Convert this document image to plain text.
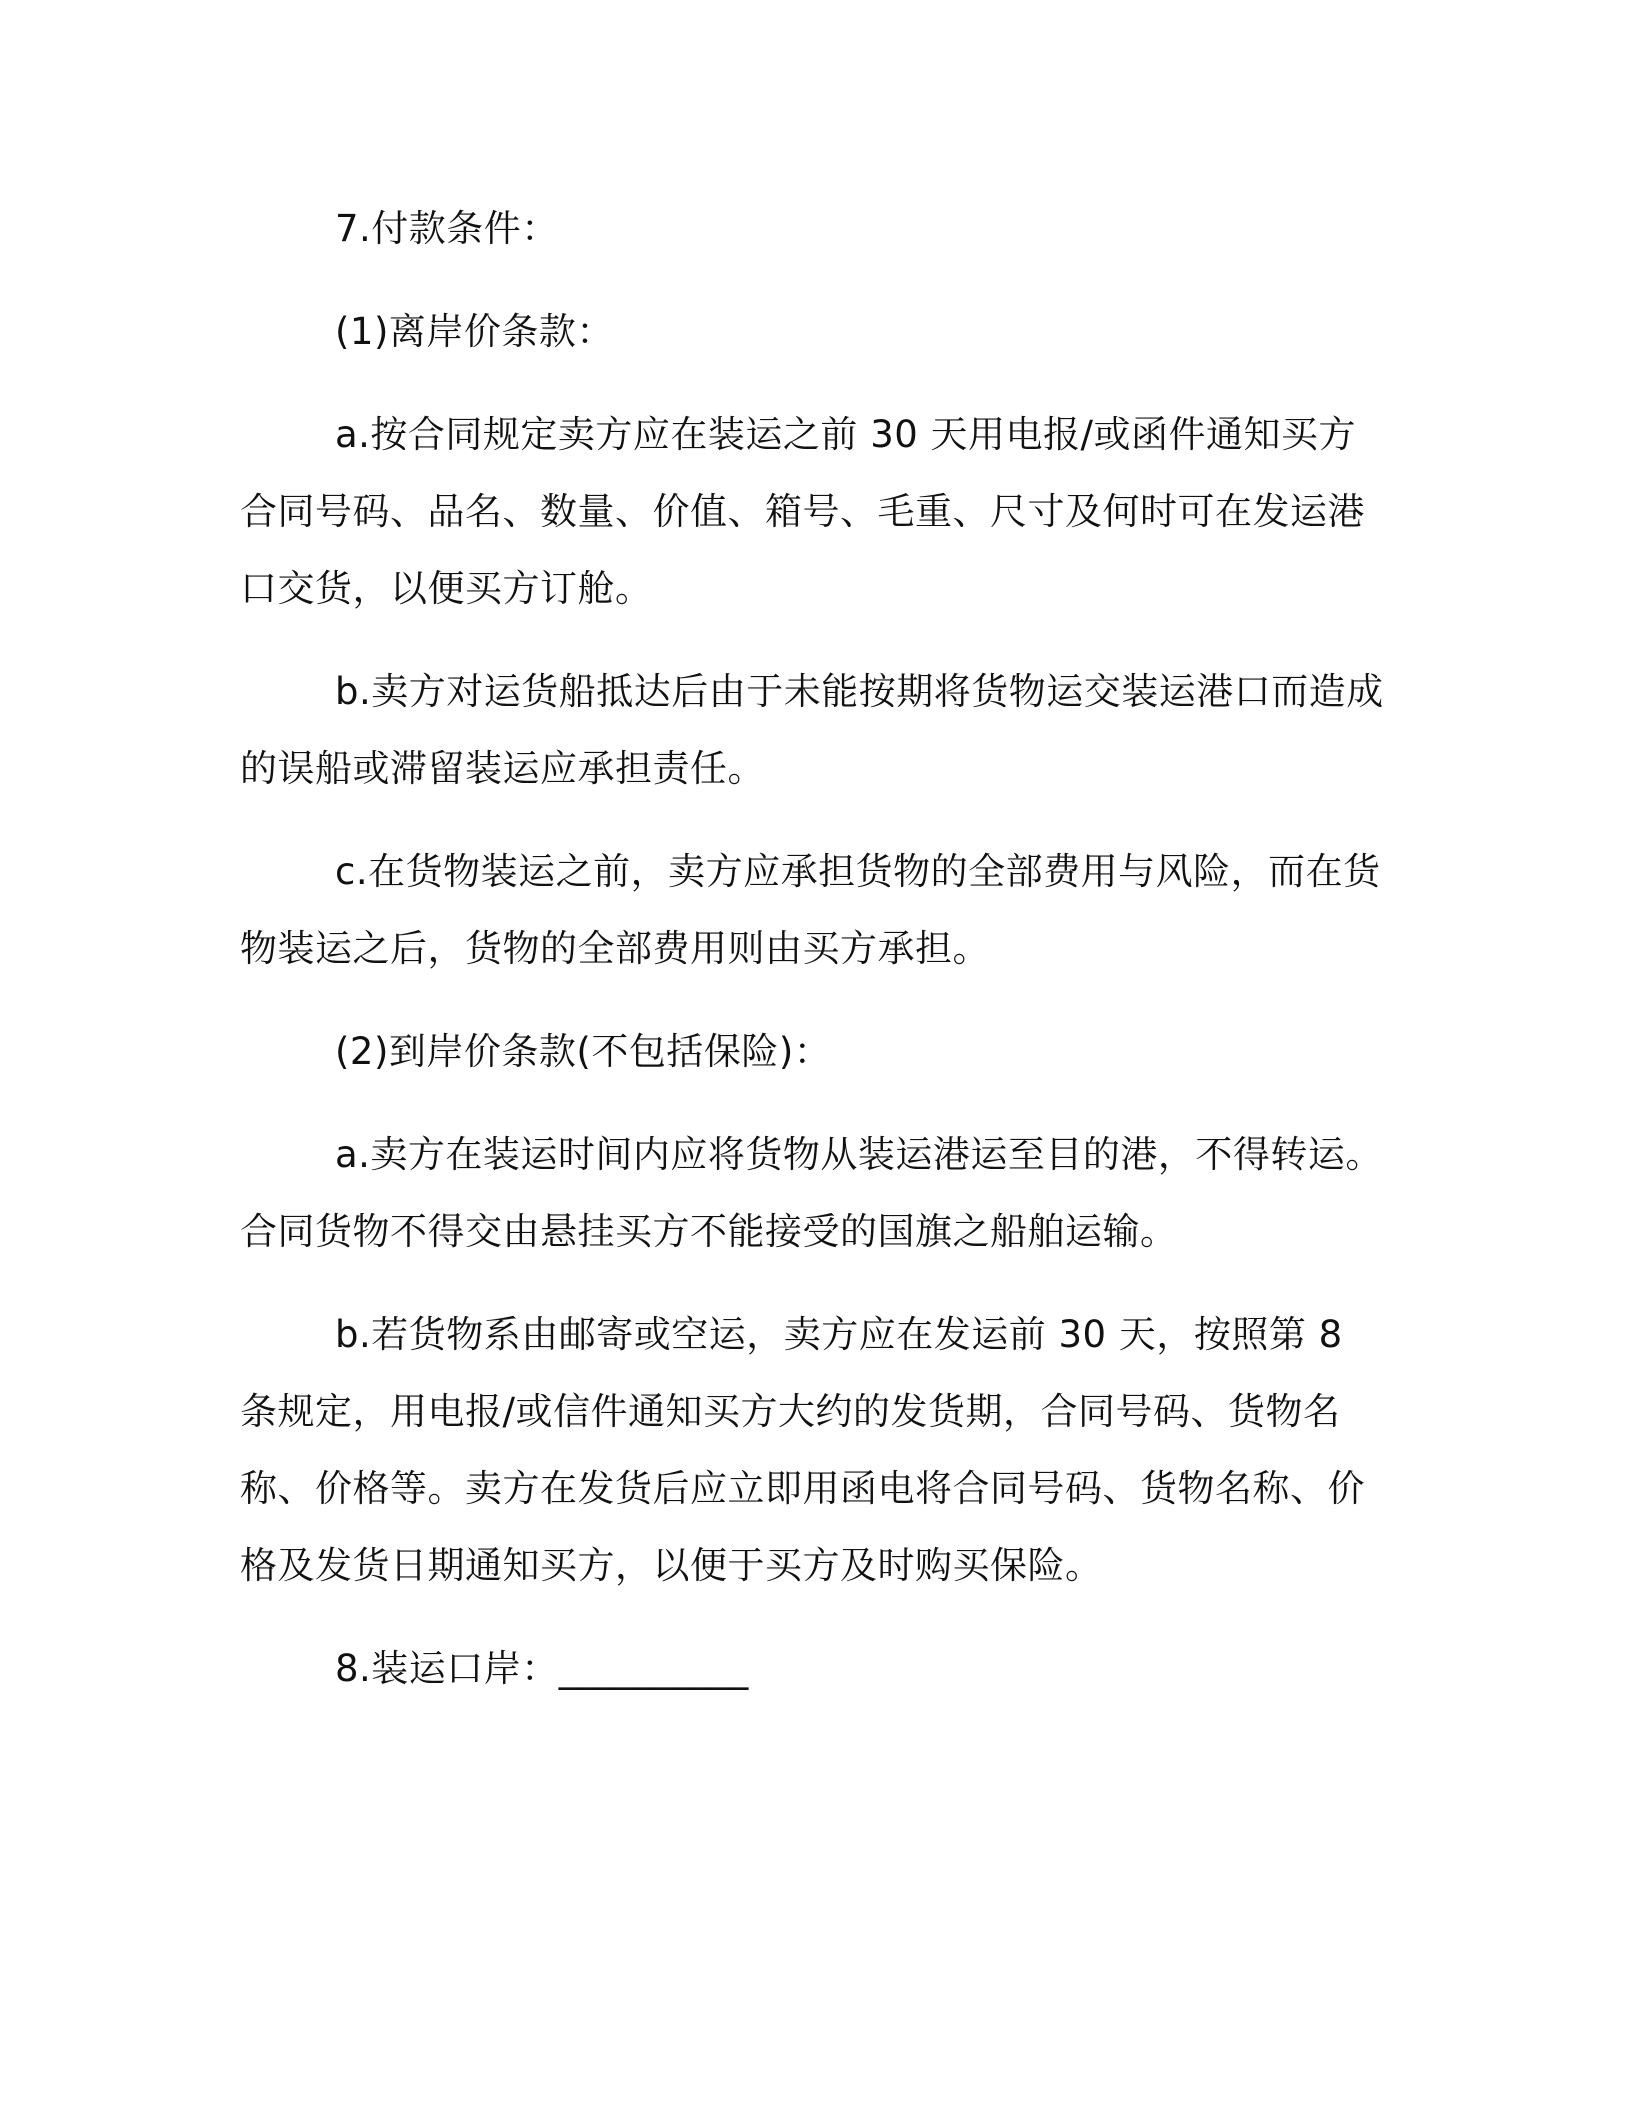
7.付款条件：

(1)离岸价条款：

a.按合同规定卖方应在装运之前 30 天用电报/或函件通知买方合同号码、品名、数量、价值、箱号、毛重、尺寸及何时可在发运港口交货，以便买方订舱。

b.卖方对运货船抵达后由于未能按期将货物运交装运港口而造成的误船或滞留装运应承担责任。

c.在货物装运之前，卖方应承担货物的全部费用与风险，而在货物装运之后，货物的全部费用则由买方承担。

(2)到岸价条款(不包括保险)：

a.卖方在装运时间内应将货物从装运港运至目的港，不得转运。合同货物不得交由悬挂买方不能接受的国旗之船舶运输。

b.若货物系由邮寄或空运，卖方应在发运前 30 天，按照第 8 条规定，用电报/或信件通知买方大约的发货期，合同号码、货物名称、价格等。卖方在发货后应立即用函电将合同号码、货物名称、价格及发货日期通知买方，以便于买方及时购买保险。

8.装运口岸：__________
